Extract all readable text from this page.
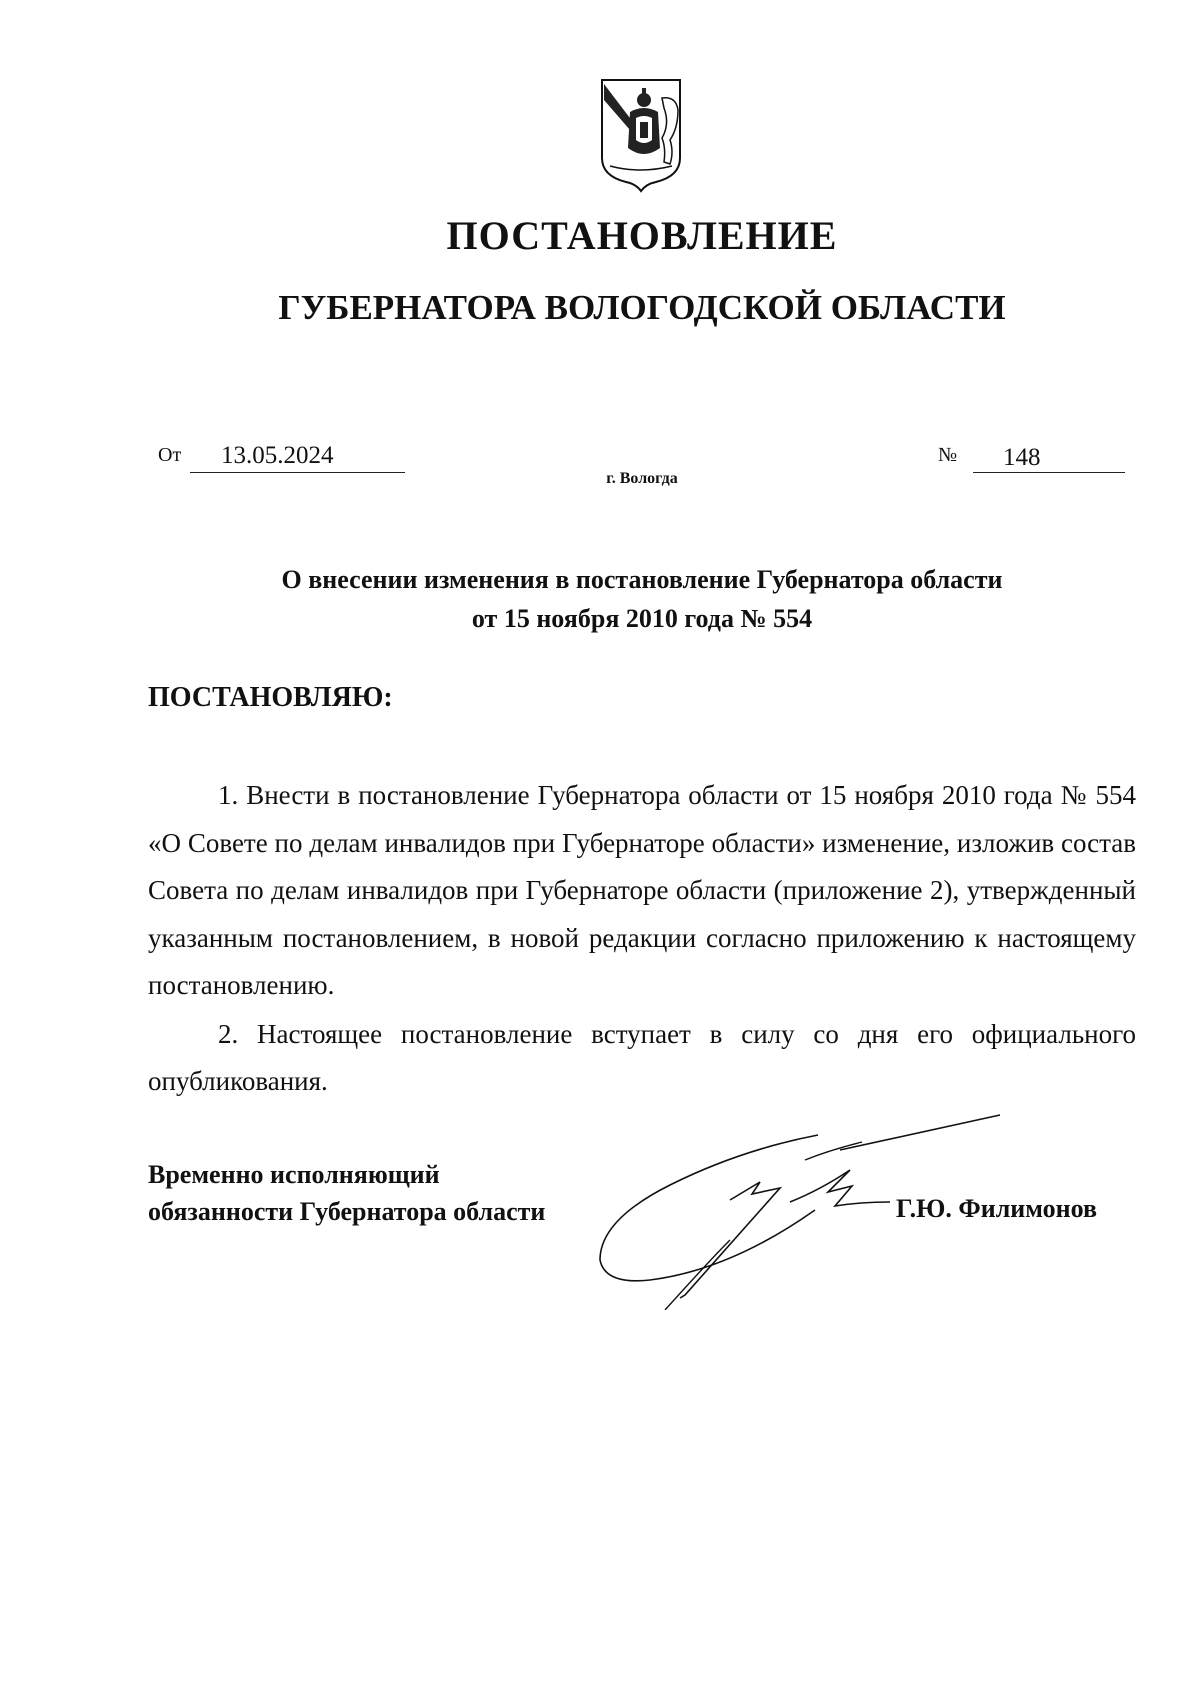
ПОСТАНОВЛЕНИЕ
ГУБЕРНАТОРА ВОЛОГОДСКОЙ ОБЛАСТИ
От 13.05.2024
г. Вологда
№ 148
О внесении изменения в постановление Губернатора области
от 15 ноября 2010 года № 554
ПОСТАНОВЛЯЮ:

1. Внести в постановление Губернатора области от 15 ноября 2010 года № 554 «О Совете по делам инвалидов при Губернаторе области» изменение, изложив состав Совета по делам инвалидов при Губернаторе области (приложение 2), утвержденный указанным постановлением, в новой редакции согласно приложению к настоящему постановлению.

2. Настоящее постановление вступает в силу со дня его официального опубликования.

Временно исполняющий
обязанности Губернатора области	Г.Ю. Филимонов
